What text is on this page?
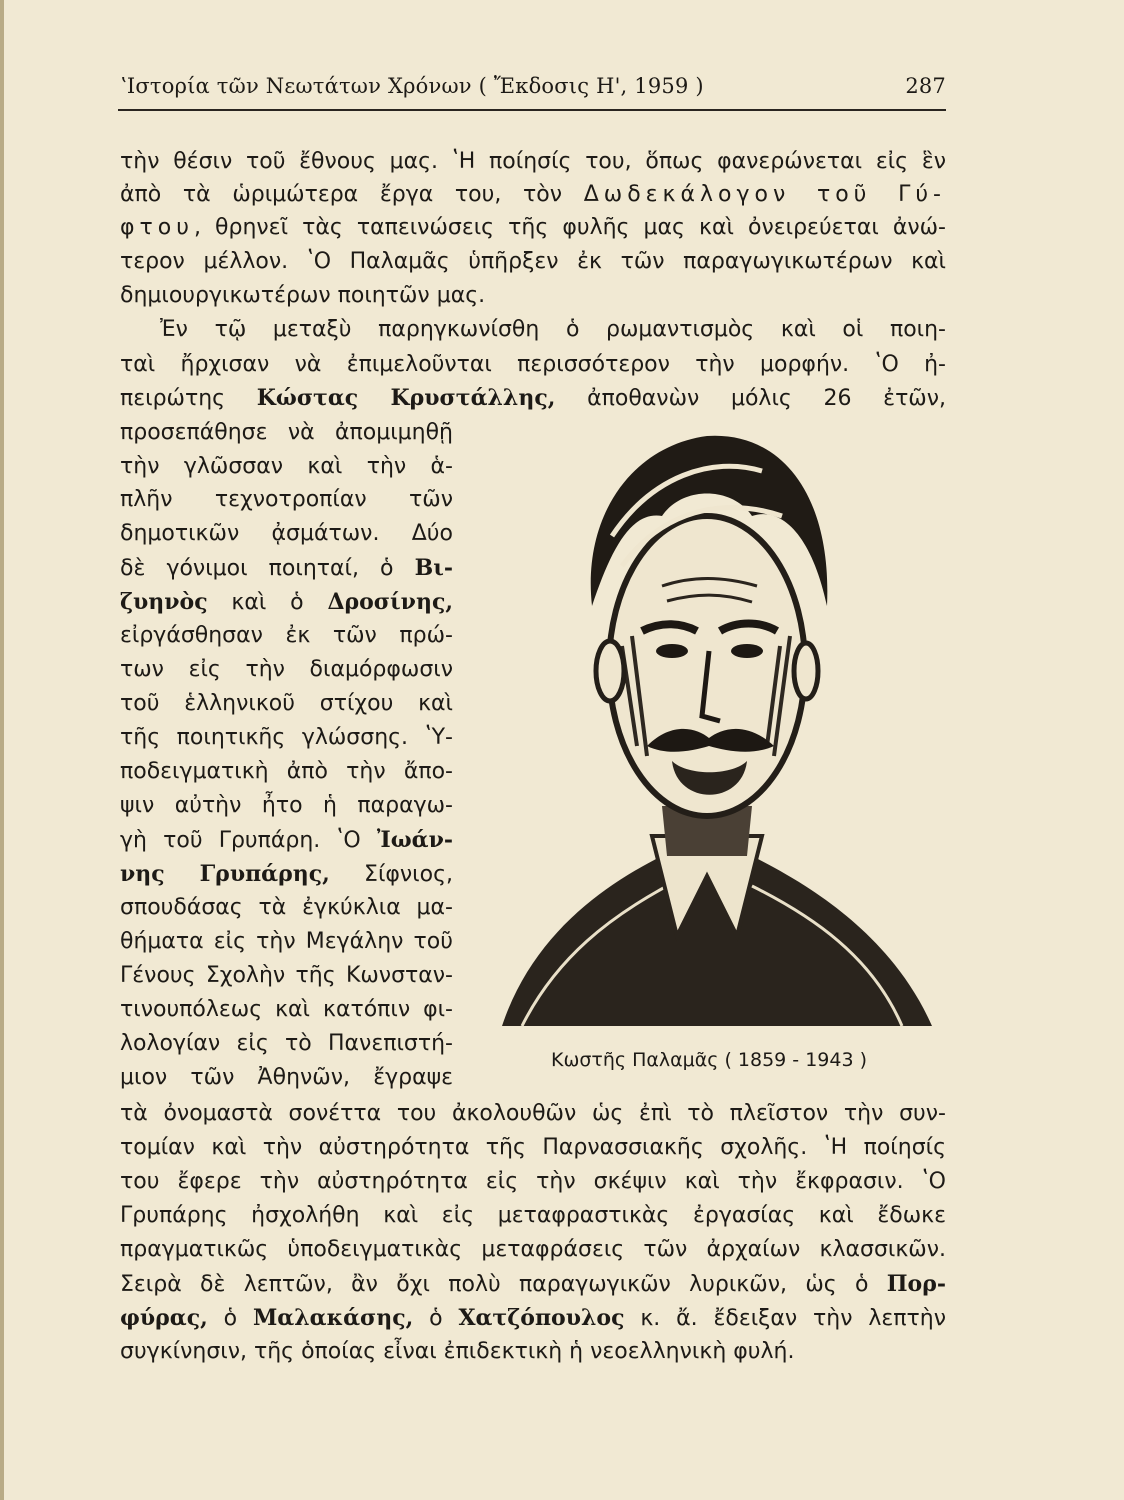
ʽΙστορία τῶν Νεωτάτων Χρόνων ( Ἔκδοσις Η', 1959 )	287
τὴν θέσιν τοῦ ἔθνους μας. ʽΗ ποίησίς του, ὅπως φανερώνεται εἰς ἓν
ἀπὸ τὰ ὡριμώτερα ἔργα του, τὸν Δωδεκάλογον τοῦ Γύ-
φτου, θρηνεῖ τὰς ταπεινώσεις τῆς φυλῆς μας καὶ ὀνειρεύεται ἀνώ-
τερον μέλλον. ʽΟ Παλαμᾶς ὑπῆρξεν ἐκ τῶν παραγωγικωτέρων καὶ
δημιουργικωτέρων ποιητῶν μας.
Ἐν τῷ μεταξὺ παρηγκωνίσθη ὁ ρωμαντισμὸς καὶ οἱ ποιη-
ταὶ ἤρχισαν νὰ ἐπιμελοῦνται περισσότερον τὴν μορφήν. ʽΟ ἠ-
πειρώτης Κώστας Κρυστάλλης, ἀποθανὼν μόλις 26 ἐτῶν,
προσεπάθησε νὰ ἀπομιμηθῇ
τὴν γλῶσσαν καὶ τὴν ἁ-
πλῆν τεχνοτροπίαν τῶν
δημοτικῶν ᾀσμάτων. Δύο
δὲ γόνιμοι ποιηταί, ὁ Βι-
ζυηνὸς καὶ ὁ Δροσίνης,
εἰργάσθησαν ἐκ τῶν πρώ-
των εἰς τὴν διαμόρφωσιν
τοῦ ἑλληνικοῦ στίχου καὶ
τῆς ποιητικῆς γλώσσης. ʽΥ-
ποδειγματικὴ ἀπὸ τὴν ἄπο-
ψιν αὐτὴν ἦτο ἡ παραγω-
γὴ τοῦ Γρυπάρη. ʽΟ Ἰωάν-
νης Γρυπάρης, Σίφνιος,
σπουδάσας τὰ ἐγκύκλια μα-
θήματα εἰς τὴν Μεγάλην τοῦ
Γένους Σχολὴν τῆς Κωνσταν-
τινουπόλεως καὶ κατόπιν φι-
λολογίαν εἰς τὸ Πανεπιστή-
μιον τῶν Ἀθηνῶν, ἔγραψε
Κωστῆς Παλαμᾶς ( 1859 - 1943 )
τὰ ὀνομαστὰ σονέττα του ἀκολουθῶν ὡς ἐπὶ τὸ πλεῖστον τὴν συν-
τομίαν καὶ τὴν αὐστηρότητα τῆς Παρνασσιακῆς σχολῆς. ʽΗ ποίησίς
του ἔφερε τὴν αὐστηρότητα εἰς τὴν σκέψιν καὶ τὴν ἔκφρασιν. ʽΟ
Γρυπάρης ἠσχολήθη καὶ εἰς μεταφραστικὰς ἐργασίας καὶ ἔδωκε
πραγματικῶς ὑποδειγματικὰς μεταφράσεις τῶν ἀρχαίων κλασσικῶν.
Σειρὰ δὲ λεπτῶν, ἂν ὄχι πολὺ παραγωγικῶν λυρικῶν, ὡς ὁ Πορ-
φύρας, ὁ Μαλακάσης, ὁ Χατζόπουλος κ. ἄ. ἔδειξαν τὴν λεπτὴν
συγκίνησιν, τῆς ὁποίας εἶναι ἐπιδεκτικὴ ἡ νεοελληνικὴ φυλή.
